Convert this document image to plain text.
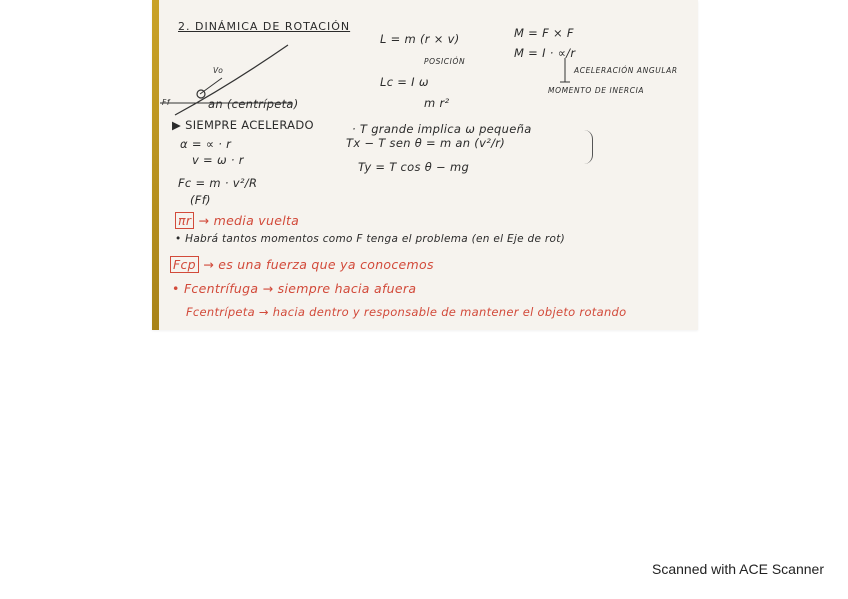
2. DINÁMICA DE ROTACIÓN
Vo
Ff	an (centrípeta)
▶ SIEMPRE ACELERADO
α = ∝ · r
v = ω · r
Fc = m · v²/R
(Ff)
L = m (r × v)
POSICIÓN
Lc = I ω
m r²
M = F × F
M = I · ∝/r
ACELERACIÓN ANGULAR
MOMENTO DE INERCIA
· T grande implica ω pequeña
Tx − T sen θ = m an (v²/r)
Ty = T cos θ − mg
πr → media vuelta
• Habrá tantos momentos como F tenga el problema (en el Eje de rot)
Fcp → es una fuerza que ya conocemos
• Fcentrífuga → siempre hacia afuera
Fcentrípeta → hacia dentro y responsable de mantener el objeto rotando
Scanned with ACE Scanner
